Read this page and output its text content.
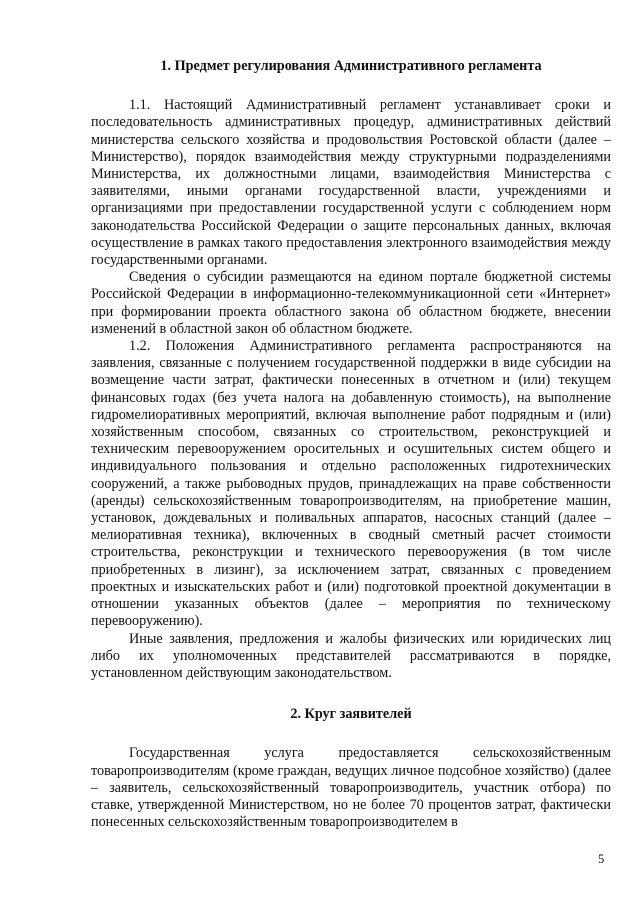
1. Предмет регулирования Административного регламента

1.1. Настоящий Административный регламент устанавливает сроки и последовательность административных процедур, административных действий министерства сельского хозяйства и продовольствия Ростовской области (далее – Министерство), порядок взаимодействия между структурными подразделениями Министерства, их должностными лицами, взаимодействия Министерства с заявителями, иными органами государственной власти, учреждениями и организациями при предоставлении государственной услуги с соблюдением норм законодательства Российской Федерации о защите персональных данных, включая осуществление в рамках такого предоставления электронного взаимодействия между государственными органами.

Сведения о субсидии размещаются на едином портале бюджетной системы Российской Федерации в информационно-телекоммуникационной сети «Интернет» при формировании проекта областного закона об областном бюджете, внесении изменений в областной закон об областном бюджете.

1.2. Положения Административного регламента распространяются на заявления, связанные с получением государственной поддержки в виде субсидии на возмещение части затрат, фактически понесенных в отчетном и (или) текущем финансовых годах (без учета налога на добавленную стоимость), на выполнение гидромелиоративных мероприятий, включая выполнение работ подрядным и (или) хозяйственным способом, связанных со строительством, реконструкцией и техническим перевооружением оросительных и осушительных систем общего и индивидуального пользования и отдельно расположенных гидротехнических сооружений, а также рыбоводных прудов, принадлежащих на праве собственности (аренды) сельскохозяйственным товаропроизводителям, на приобретение машин, установок, дождевальных и поливальных аппаратов, насосных станций (далее – мелиоративная техника), включенных в сводный сметный расчет стоимости строительства, реконструкции и технического перевооружения (в том числе приобретенных в лизинг), за исключением затрат, связанных с проведением проектных и изыскательских работ и (или) подготовкой проектной документации в отношении указанных объектов (далее – мероприятия по техническому перевооружению).

Иные заявления, предложения и жалобы физических или юридических лиц либо их уполномоченных представителей рассматриваются в порядке, установленном действующим законодательством.

2. Круг заявителей

Государственная услуга предоставляется сельскохозяйственным товаропроизводителям (кроме граждан, ведущих личное подсобное хозяйство) (далее – заявитель, сельскохозяйственный товаропроизводитель, участник отбора) по ставке, утвержденной Министерством, но не более 70 процентов затрат, фактически понесенных сельскохозяйственным товаропроизводителем в

5
